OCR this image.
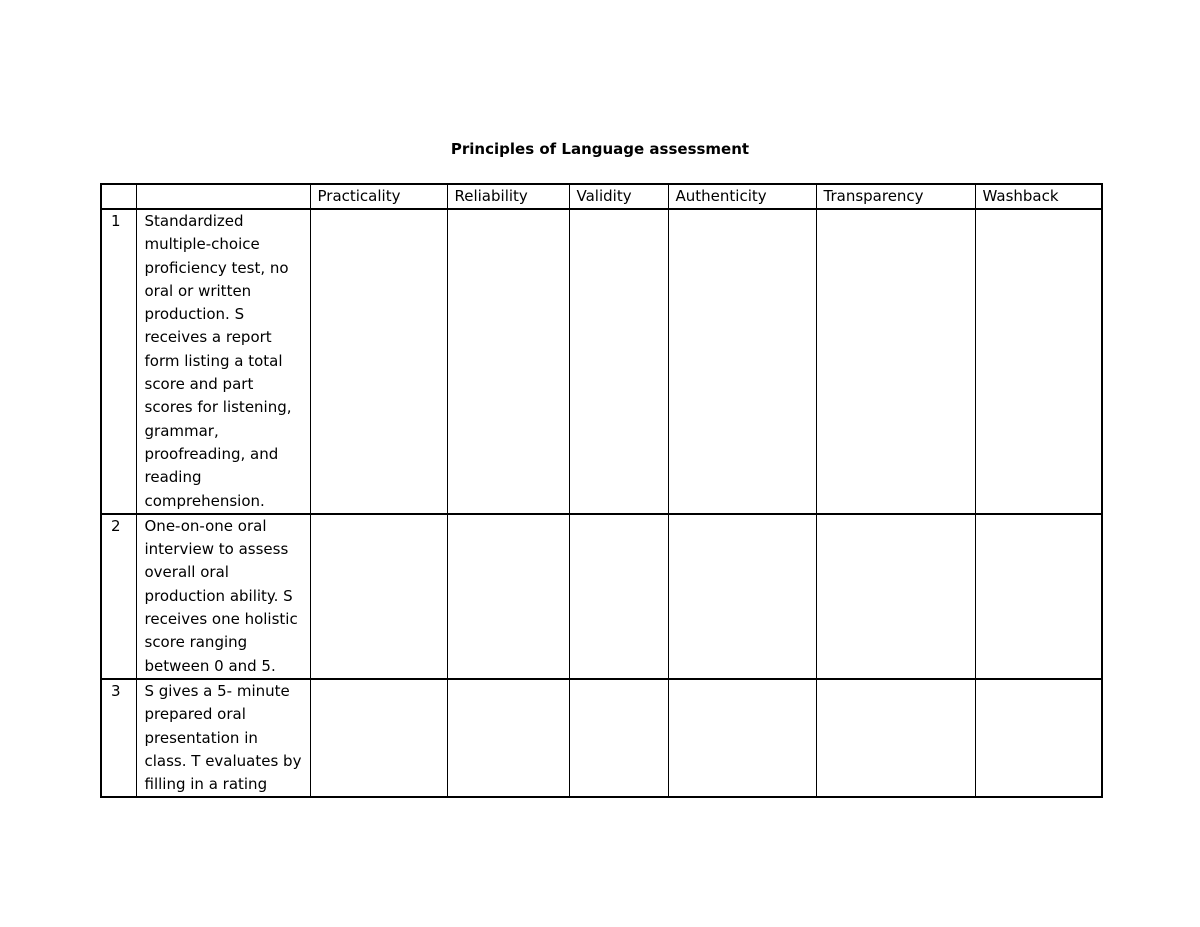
Principles of Language assessment
		Practicality	Reliability	Validity	Authenticity	Transparency	Washback
1	Standardized multiple-choice proficiency test, no oral or written production. S receives a report form listing a total score and part scores for listening, grammar, proofreading, and reading comprehension.						

2	One-on-one oral interview to assess overall oral production ability. S receives one holistic score ranging between 0 and 5.						

3	S gives a 5- minute prepared oral presentation in class. T evaluates by filling in a rating						
